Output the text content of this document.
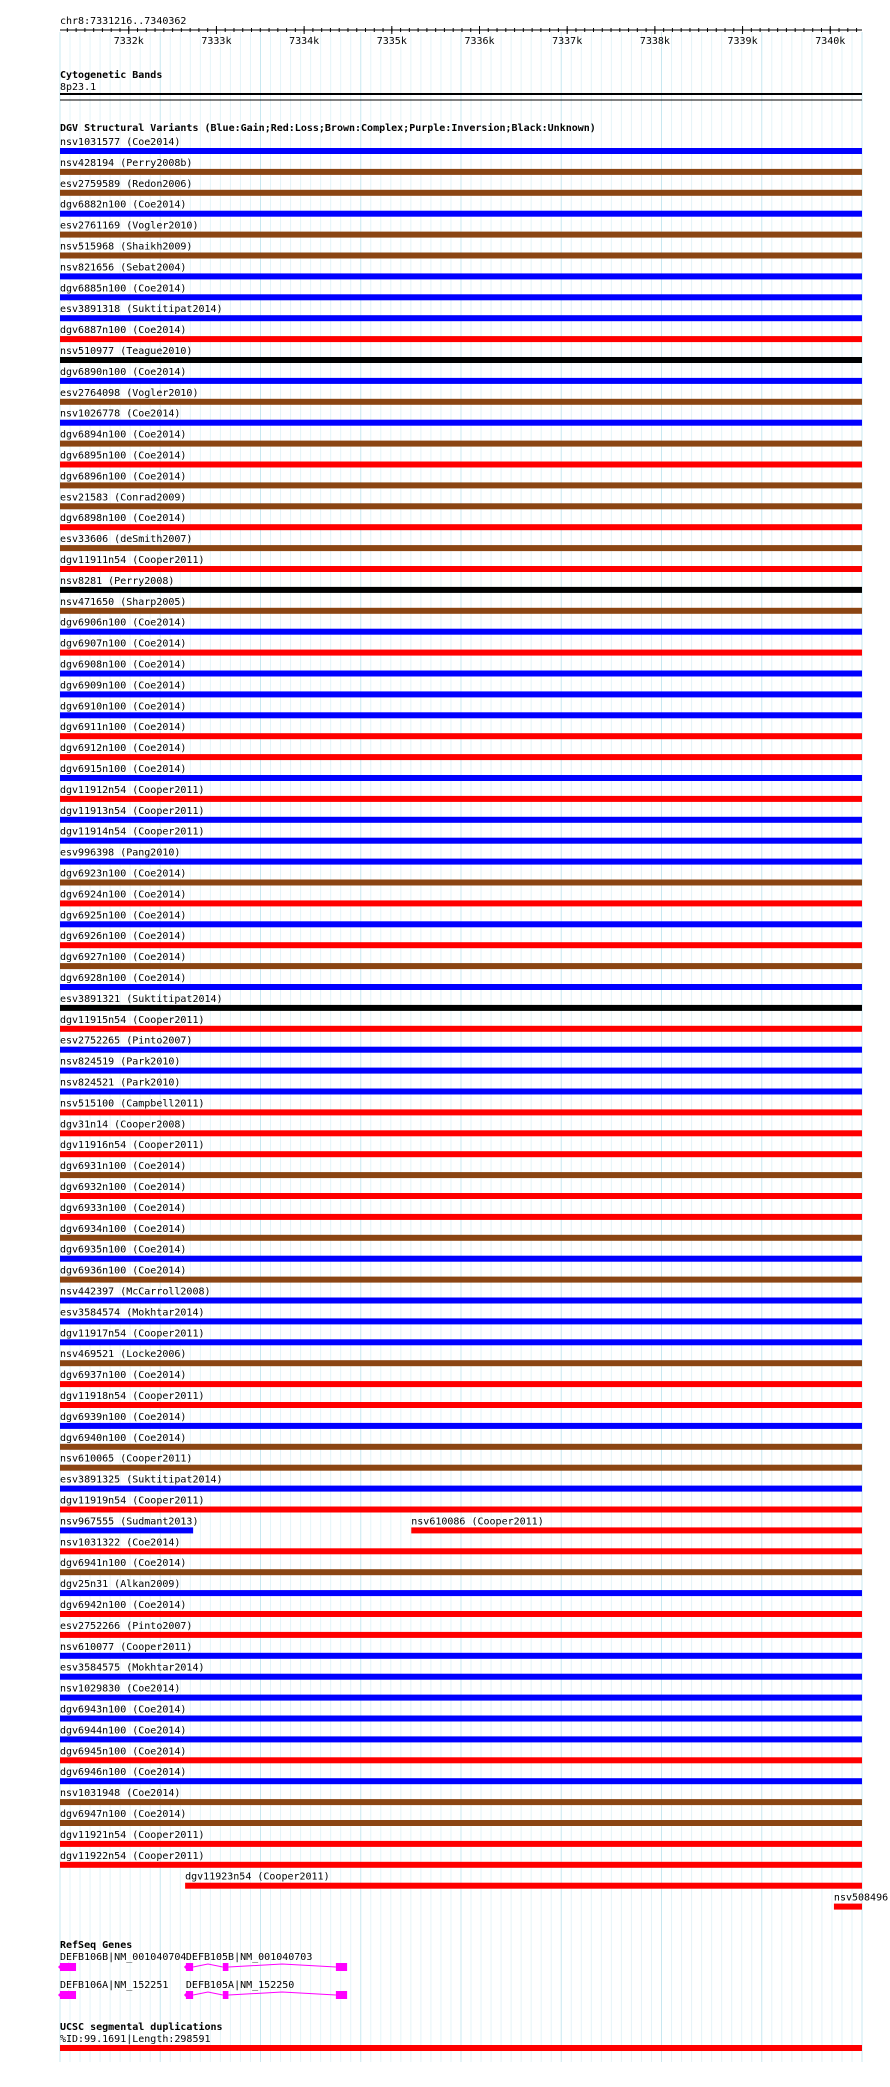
chr8:7331216..7340362
7332k	7333k	7334k	7335k	7336k	7337k	7338k	7339k	7340k
Cytogenetic Bands
8p23.1
DGV Structural Variants (Blue:Gain;Red:Loss;Brown:Complex;Purple:Inversion;Black:Unknown)
nsv1031577 (Coe2014)
nsv428194 (Perry2008b)
esv2759589 (Redon2006)
dgv6882n100 (Coe2014)
esv2761169 (Vogler2010)
nsv515968 (Shaikh2009)
nsv821656 (Sebat2004)
dgv6885n100 (Coe2014)
esv3891318 (Suktitipat2014)
dgv6887n100 (Coe2014)
nsv510977 (Teague2010)
dgv6890n100 (Coe2014)
esv2764098 (Vogler2010)
nsv1026778 (Coe2014)
dgv6894n100 (Coe2014)
dgv6895n100 (Coe2014)
dgv6896n100 (Coe2014)
esv21583 (Conrad2009)
dgv6898n100 (Coe2014)
esv33606 (deSmith2007)
dgv11911n54 (Cooper2011)
nsv8281 (Perry2008)
nsv471650 (Sharp2005)
dgv6906n100 (Coe2014)
dgv6907n100 (Coe2014)
dgv6908n100 (Coe2014)
dgv6909n100 (Coe2014)
dgv6910n100 (Coe2014)
dgv6911n100 (Coe2014)
dgv6912n100 (Coe2014)
dgv6915n100 (Coe2014)
dgv11912n54 (Cooper2011)
dgv11913n54 (Cooper2011)
dgv11914n54 (Cooper2011)
esv996398 (Pang2010)
dgv6923n100 (Coe2014)
dgv6924n100 (Coe2014)
dgv6925n100 (Coe2014)
dgv6926n100 (Coe2014)
dgv6927n100 (Coe2014)
dgv6928n100 (Coe2014)
esv3891321 (Suktitipat2014)
dgv11915n54 (Cooper2011)
esv2752265 (Pinto2007)
nsv824519 (Park2010)
nsv824521 (Park2010)
nsv515100 (Campbell2011)
dgv31n14 (Cooper2008)
dgv11916n54 (Cooper2011)
dgv6931n100 (Coe2014)
dgv6932n100 (Coe2014)
dgv6933n100 (Coe2014)
dgv6934n100 (Coe2014)
dgv6935n100 (Coe2014)
dgv6936n100 (Coe2014)
nsv442397 (McCarroll2008)
esv3584574 (Mokhtar2014)
dgv11917n54 (Cooper2011)
nsv469521 (Locke2006)
dgv6937n100 (Coe2014)
dgv11918n54 (Cooper2011)
dgv6939n100 (Coe2014)
dgv6940n100 (Coe2014)
nsv610065 (Cooper2011)
esv3891325 (Suktitipat2014)
dgv11919n54 (Cooper2011)
nsv967555 (Sudmant2013)	nsv610086 (Cooper2011)
nsv1031322 (Coe2014)
dgv6941n100 (Coe2014)
dgv25n31 (Alkan2009)
dgv6942n100 (Coe2014)
esv2752266 (Pinto2007)
nsv610077 (Cooper2011)
esv3584575 (Mokhtar2014)
nsv1029830 (Coe2014)
dgv6943n100 (Coe2014)
dgv6944n100 (Coe2014)
dgv6945n100 (Coe2014)
dgv6946n100 (Coe2014)
nsv1031948 (Coe2014)
dgv6947n100 (Coe2014)
dgv11921n54 (Cooper2011)
dgv11922n54 (Cooper2011)
dgv11923n54 (Cooper2011)
nsv508496
RefSeq Genes
DEFB106B|NM_001040704 DEFB105B|NM_001040703
DEFB106A|NM_152251 DEFB105A|NM_152250
UCSC segmental duplications
%ID:99.1691|Length:298591
